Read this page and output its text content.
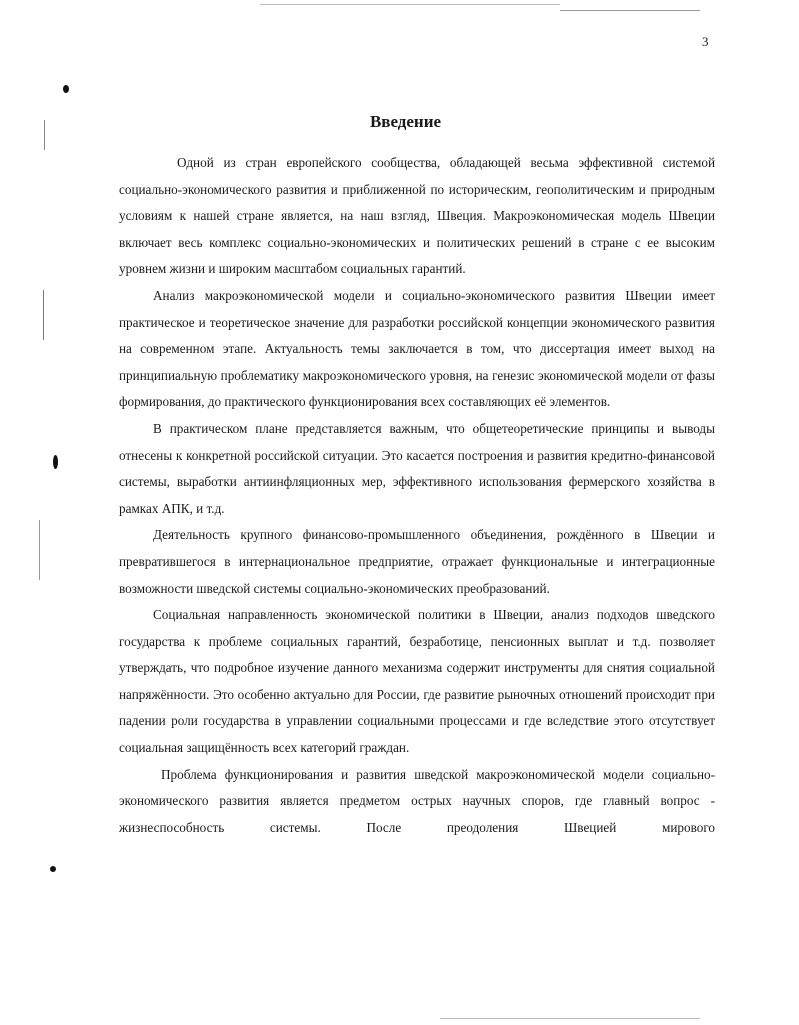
3
Введение

Одной из стран европейского сообщества, обладающей весьма эффективной системой социально-экономического развития и приближенной по историческим, геополитическим и природным условиям к нашей стране является, на наш взгляд, Швеция. Макроэкономическая модель Швеции включает весь комплекс социально-экономических и политических решений в стране с ее высоким уровнем жизни и широким масштабом социальных гарантий.

Анализ макроэкономической модели и социально-экономического развития Швеции имеет практическое и теоретическое значение для разработки российской концепции экономического развития на современном этапе. Актуальность темы заключается в том, что диссертация имеет выход на принципиальную проблематику макроэкономического уровня, на генезис экономической модели от фазы формирования, до практического функционирования всех составляющих её элементов.

В практическом плане представляется важным, что общетеоретические принципы и выводы отнесены к конкретной российской ситуации. Это касается построения и развития кредитно-финансовой системы, выработки антиинфляционных мер, эффективного использования фермерского хозяйства в рамках АПК, и т.д.

Деятельность крупного финансово-промышленного объединения, рождённого в Швеции и превратившегося в интернациональное предприятие, отражает функциональные и интеграционные возможности шведской системы социально-экономических преобразований.

Социальная направленность экономической политики в Швеции, анализ подходов шведского государства к проблеме социальных гарантий, безработице, пенсионных выплат и т.д. позволяет утверждать, что подробное изучение данного механизма содержит инструменты для снятия социальной напряжённости. Это особенно актуально для России, где развитие рыночных отношений происходит при падении роли государства в управлении социальными процессами и где вследствие этого отсутствует социальная защищённость всех категорий граждан.

Проблема функционирования и развития шведской макроэкономической модели социально-экономического развития является предметом острых научных споров, где главный вопрос - жизнеспособность системы. После преодоления Швецией мирового
